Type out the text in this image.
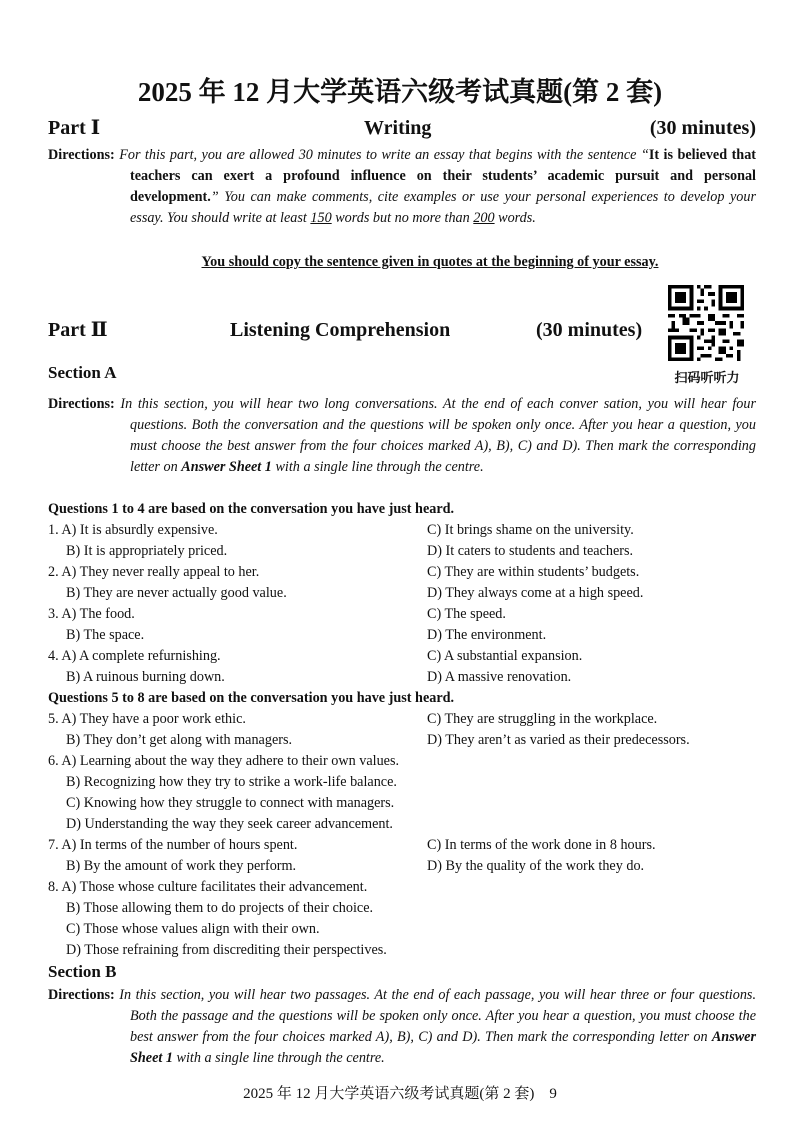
2025 年 12 月大学英语六级考试真题(第 2 套)
Part Ⅰ	Writing	(30 minutes)
Directions: For this part, you are allowed 30 minutes to write an essay that begins with the sentence “It is believed that teachers can exert a profound influence on their students’ academic pursuit and personal development.” You can make comments, cite examples or use your personal experiences to develop your essay. You should write at least 150 words but no more than 200 words.
You should copy the sentence given in quotes at the beginning of your essay.
Part Ⅱ	Listening Comprehension	(30 minutes)
扫码听听力
Section A
Directions: In this section, you will hear two long conversations. At the end of each conver sation, you will hear four questions. Both the conversation and the questions will be spoken only once. After you hear a question, you must choose the best answer from the four choices marked A), B), C) and D). Then mark the corresponding letter on Answer Sheet 1 with a single line through the centre.
Questions 1 to 4 are based on the conversation you have just heard.
1. A) It is absurdly expensive.	C) It brings shame on the university.
B) It is appropriately priced.	D) It caters to students and teachers.
2. A) They never really appeal to her.	C) They are within students’ budgets.
B) They are never actually good value.	D) They always come at a high speed.
3. A) The food.	C) The speed.
B) The space.	D) The environment.
4. A) A complete refurnishing.	C) A substantial expansion.
B) A ruinous burning down.	D) A massive renovation.
Questions 5 to 8 are based on the conversation you have just heard.
5. A) They have a poor work ethic.	C) They are struggling in the workplace.
B) They don’t get along with managers.	D) They aren’t as varied as their predecessors.
6. A) Learning about the way they adhere to their own values.
B) Recognizing how they try to strike a work-life balance.
C) Knowing how they struggle to connect with managers.
D) Understanding the way they seek career advancement.
7. A) In terms of the number of hours spent.	C) In terms of the work done in 8 hours.
B) By the amount of work they perform.	D) By the quality of the work they do.
8. A) Those whose culture facilitates their advancement.
B) Those allowing them to do projects of their choice.
C) Those whose values align with their own.
D) Those refraining from discrediting their perspectives.
Section B
Directions: In this section, you will hear two passages. At the end of each passage, you will hear three or four questions. Both the passage and the questions will be spoken only once. After you hear a question, you must choose the best answer from the four choices marked A), B), C) and D). Then mark the corresponding letter on Answer Sheet 1 with a single line through the centre.
2025 年 12 月大学英语六级考试真题(第 2 套)    9
